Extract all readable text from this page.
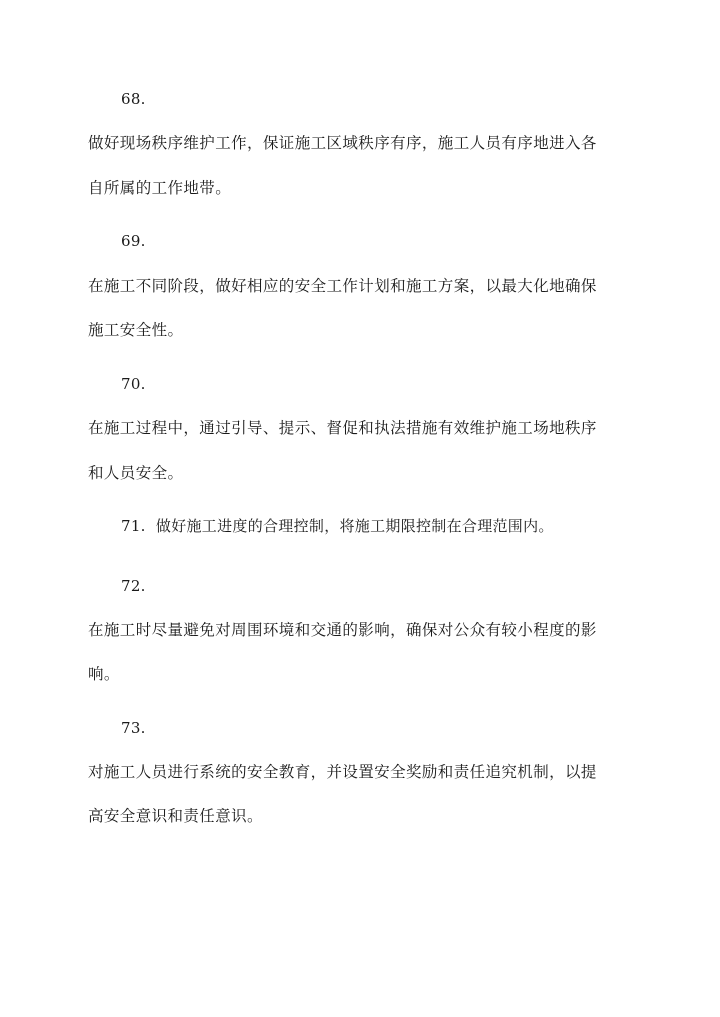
68.
做好现场秩序维护工作，保证施工区域秩序有序，施工人员有序地进入各
自所属的工作地带。
69.
在施工不同阶段，做好相应的安全工作计划和施工方案，以最大化地确保
施工安全性。
70.
在施工过程中，通过引导、提示、督促和执法措施有效维护施工场地秩序
和人员安全。
71.  做好施工进度的合理控制，将施工期限控制在合理范围内。
72.
在施工时尽量避免对周围环境和交通的影响，确保对公众有较小程度的影
响。
73.
对施工人员进行系统的安全教育，并设置安全奖励和责任追究机制，以提
高安全意识和责任意识。
